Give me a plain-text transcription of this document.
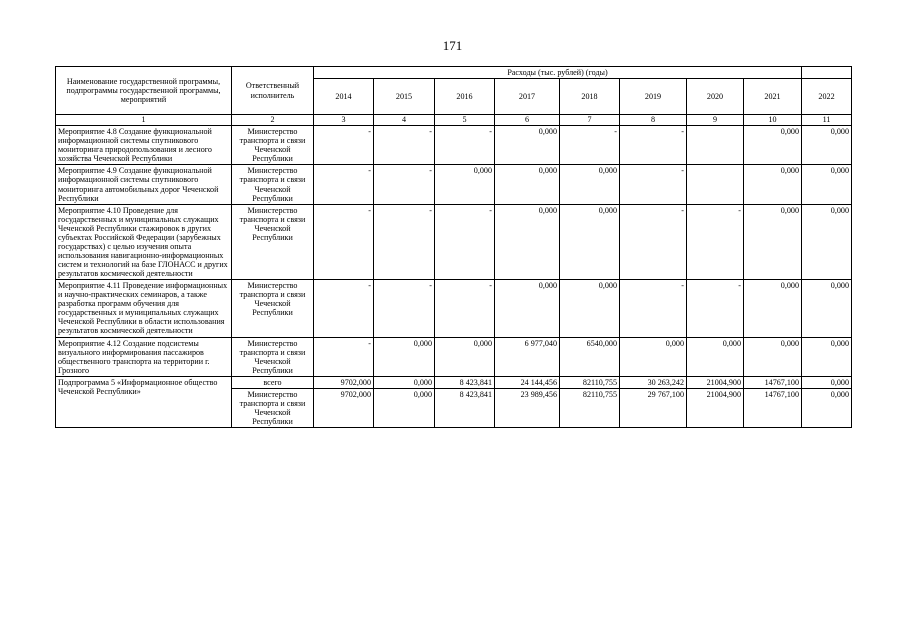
171
Наименование государственной программы, подпрограммы государственной программы, мероприятий	Ответственный исполнитель	Расходы (тыс. рублей) (годы)								
		2014	2015	2016	2017	2018	2019	2020	2021	2022
1	2	3	4	5	6	7	8	9	10	11
Мероприятие 4.8 Создание функциональной информационной системы спутникового мониторинга природопользования и лесного хозяйства Чеченской Республики	Министерство транспорта и связи Чеченской Республики	-	-	-	0,000	-	-		0,000	0,000
Мероприятие 4.9 Создание функциональной информационной системы спутникового мониторинга автомобильных дорог Чеченской Республики	Министерство транспорта и связи Чеченской Республики	-	-	0,000	0,000	0,000	-		0,000	0,000
Мероприятие 4.10 Проведение для государственных и муниципальных служащих Чеченской Республики стажировок в других субъектах Российской Федерации (зарубежных государствах) с целью изучения опыта использования навигационно-информационных систем и технологий на базе ГЛОНАСС и других результатов космической деятельности	Министерство транспорта и связи Чеченской Республики	-	-	-	0,000	0,000	-	-	0,000	0,000
Мероприятие 4.11 Проведение информационных и научно-практических семинаров, а также разработка программ обучения для государственных и муниципальных служащих Чеченской Республики в области использования результатов космической деятельности	Министерство транспорта и связи Чеченской Республики	-	-	-	0,000	0,000	-	-	0,000	0,000
Мероприятие 4.12 Создание подсистемы визуального информирования пассажиров общественного транспорта на территории г. Грозного	Министерство транспорта и связи Чеченской Республики	-	0,000	0,000	6 977,040	6540,000	0,000	0,000	0,000	0,000
Подпрограмма 5 «Информационное общество Чеченской Республики»	всего	9702,000	0,000	8 423,841	24 144,456	82110,755	30 263,242	21004,900	14767,100	0,000
	Министерство транспорта и связи Чеченской Республики	9702,000	0,000	8 423,841	23 989,456	82110,755	29 767,100	21004,900	14767,100	0,000
